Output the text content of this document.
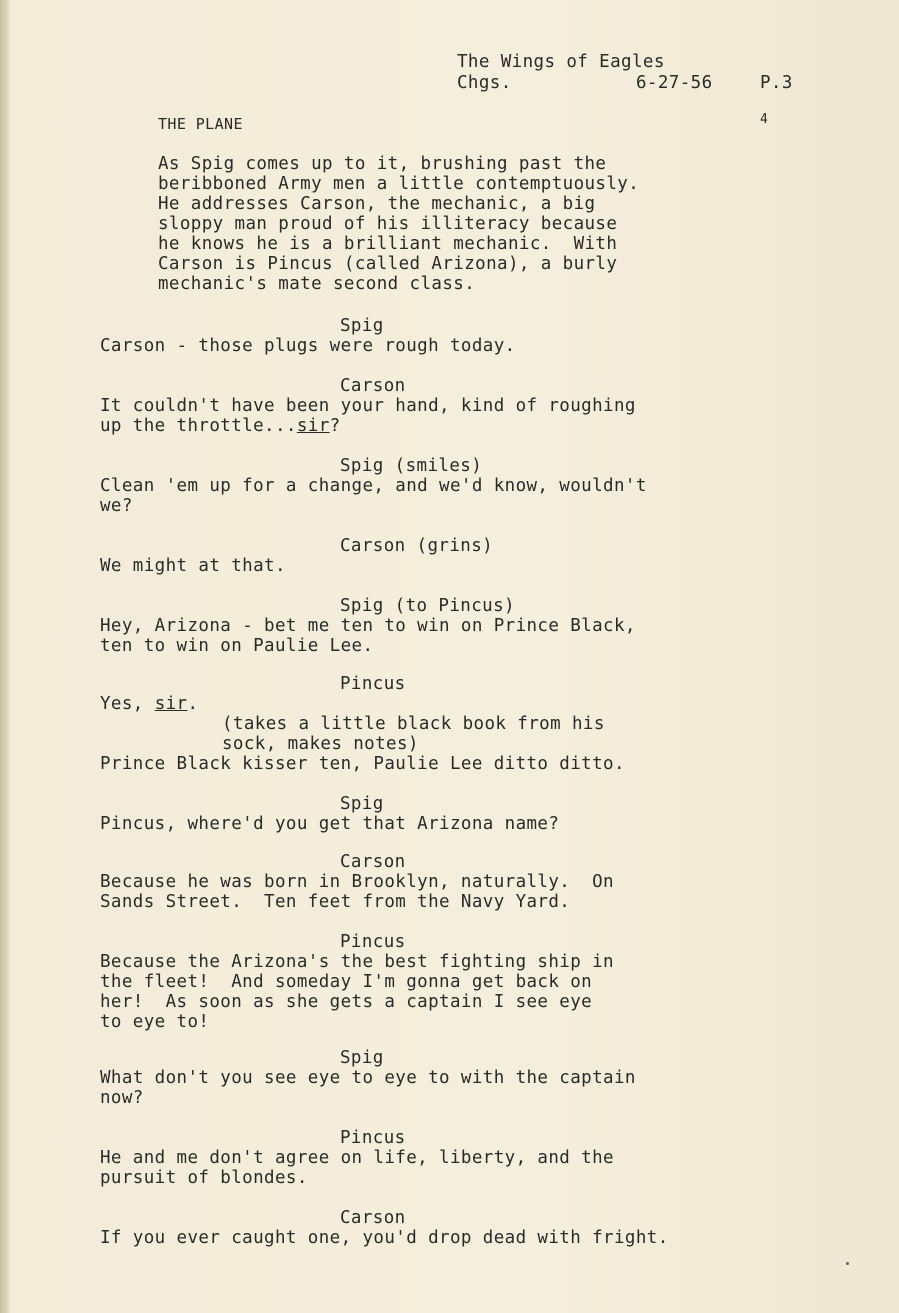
The Wings of Eagles
Chgs.	6-27-56	P.3
4
THE PLANE
As Spig comes up to it, brushing past the
beribboned Army men a little contemptuously.
He addresses Carson, the mechanic, a big
sloppy man proud of his illiteracy because
he knows he is a brilliant mechanic.  With
Carson is Pincus (called Arizona), a burly
mechanic's mate second class.
Spig
Carson - those plugs were rough today.
Carson
It couldn't have been your hand, kind of roughing
up the throttle...sir?
Spig (smiles)
Clean 'em up for a change, and we'd know, wouldn't
we?
Carson (grins)
We might at that.
Spig (to Pincus)
Hey, Arizona - bet me ten to win on Prince Black,
ten to win on Paulie Lee.
Pincus
Yes, sir.
(takes a little black book from his
sock, makes notes)
Prince Black kisser ten, Paulie Lee ditto ditto.
Spig
Pincus, where'd you get that Arizona name?
Carson
Because he was born in Brooklyn, naturally.  On
Sands Street.  Ten feet from the Navy Yard.
Pincus
Because the Arizona's the best fighting ship in
the fleet!  And someday I'm gonna get back on
her!  As soon as she gets a captain I see eye
to eye to!
Spig
What don't you see eye to eye to with the captain
now?
Pincus
He and me don't agree on life, liberty, and the
pursuit of blondes.
Carson
If you ever caught one, you'd drop dead with fright.
